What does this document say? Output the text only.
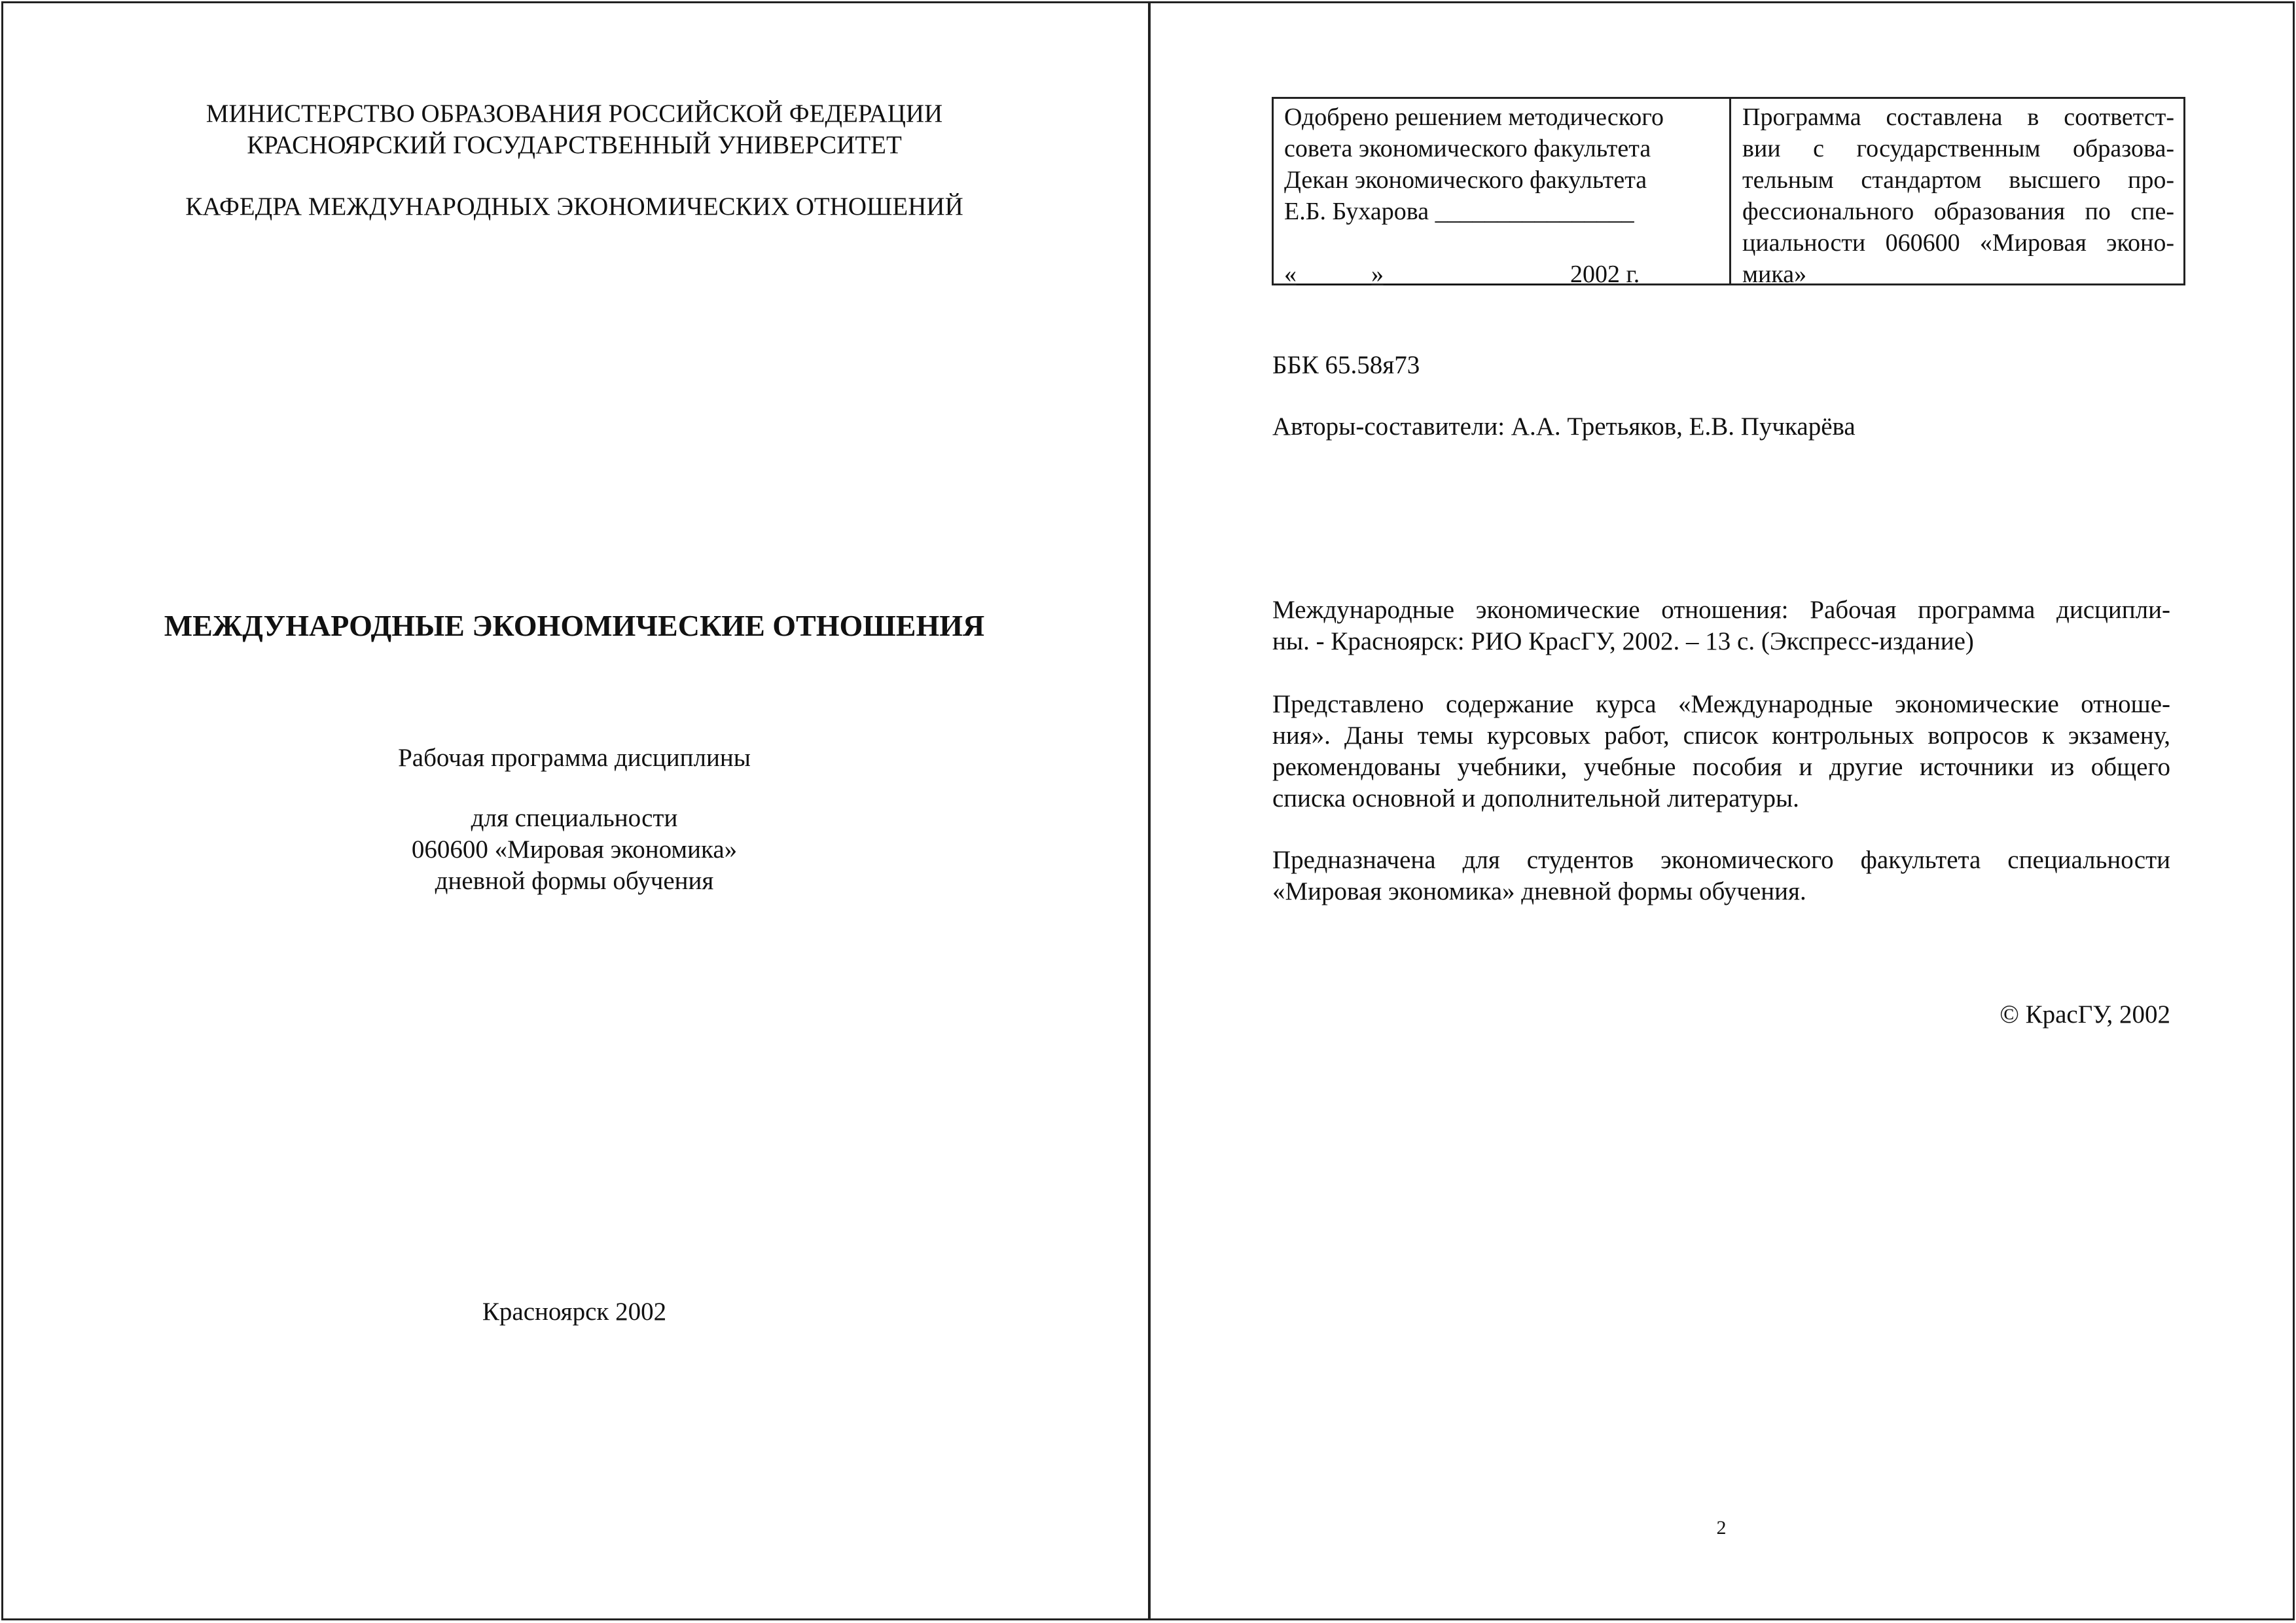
МИНИСТЕРСТВО ОБРАЗОВАНИЯ РОССИЙСКОЙ ФЕДЕРАЦИИ
КРАСНОЯРСКИЙ ГОСУДАРСТВЕННЫЙ УНИВЕРСИТЕТ
КАФЕДРА МЕЖДУНАРОДНЫХ ЭКОНОМИЧЕСКИХ ОТНОШЕНИЙ
МЕЖДУНАРОДНЫЕ ЭКОНОМИЧЕСКИЕ ОТНОШЕНИЯ
Рабочая программа дисциплины
для специальности
060600 «Мировая экономика»
дневной формы обучения
Красноярск 2002
Одобрено решением методического
совета экономического факультета
Декан экономического факультета
Е.Б. Бухарова ________________
«______»_______________2002 г.
Программа составлена в соответст-
вии с государственным образова-
тельным стандартом высшего про-
фессионального образования по спе-
циальности 060600 «Мировая эконо-
мика»
ББК 65.58я73
Авторы-составители: А.А. Третьяков, Е.В. Пучкарёва
Международные экономические отношения: Рабочая программа дисципли-
ны. - Красноярск: РИО КрасГУ, 2002. – 13 с. (Экспресс-издание)
Представлено содержание курса «Международные экономические отноше-
ния». Даны темы курсовых работ, список контрольных вопросов к экзамену,
рекомендованы учебники, учебные пособия и другие источники из общего
списка основной и дополнительной литературы.
Предназначена для студентов экономического факультета специальности
«Мировая экономика» дневной формы обучения.
© КрасГУ, 2002
2
